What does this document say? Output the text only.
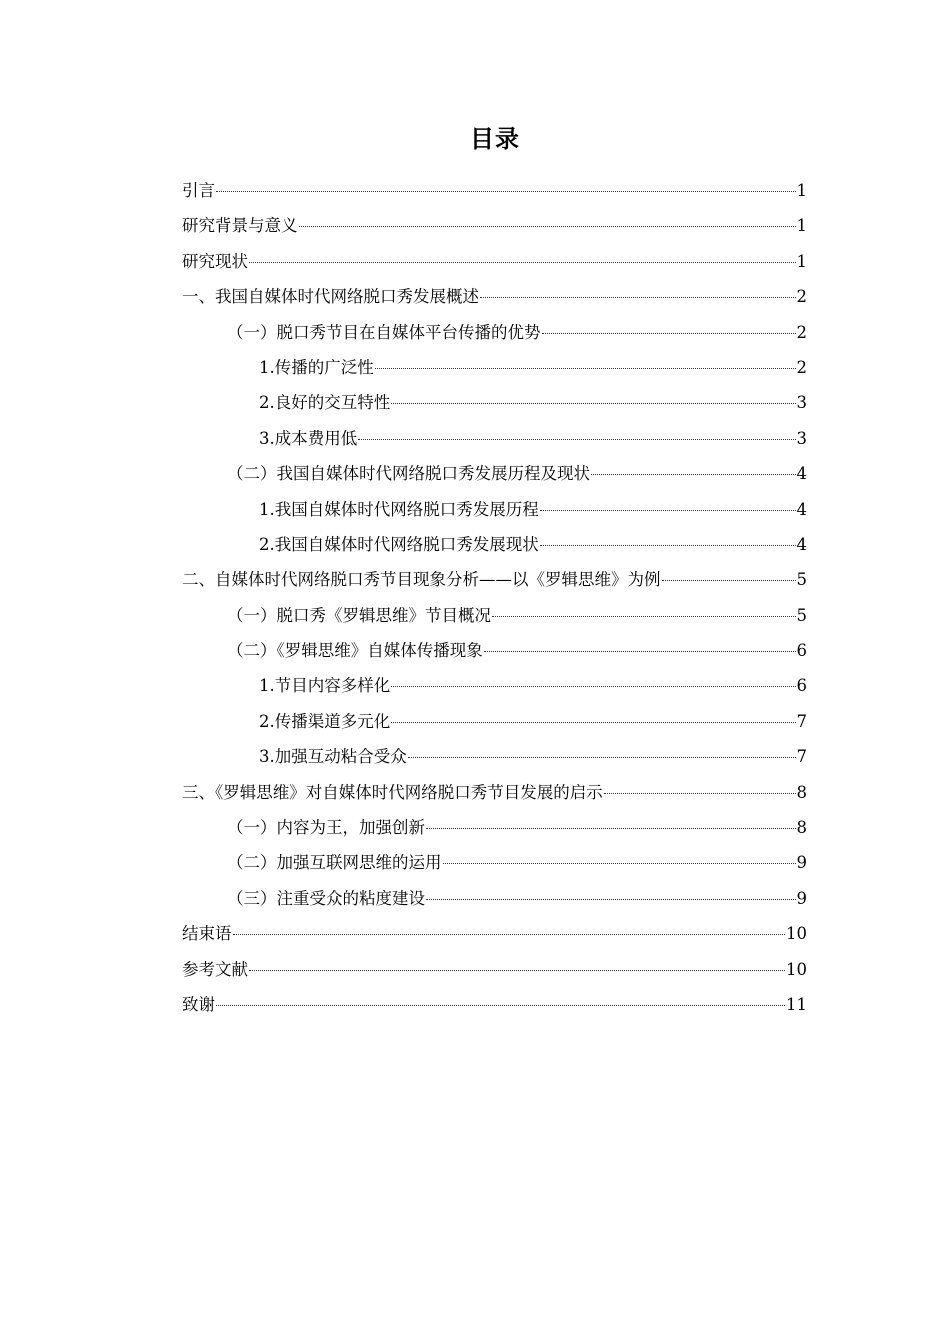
目录
引言	1
研究背景与意义	1
研究现状	1
一、我国自媒体时代网络脱口秀发展概述	2
（一）脱口秀节目在自媒体平台传播的优势	2
1.传播的广泛性	2
2.良好的交互特性	3
3.成本费用低	3
（二）我国自媒体时代网络脱口秀发展历程及现状	4
1.我国自媒体时代网络脱口秀发展历程	4
2.我国自媒体时代网络脱口秀发展现状	4
二、自媒体时代网络脱口秀节目现象分析——以《罗辑思维》为例	5
（一）脱口秀《罗辑思维》节目概况	5
（二）《罗辑思维》自媒体传播现象	6
1.节目内容多样化	6
2.传播渠道多元化	7
3.加强互动粘合受众	7
三、《罗辑思维》对自媒体时代网络脱口秀节目发展的启示	8
（一）内容为王，加强创新	8
（二）加强互联网思维的运用	9
（三）注重受众的粘度建设	9
结束语	10
参考文献	10
致谢	11
